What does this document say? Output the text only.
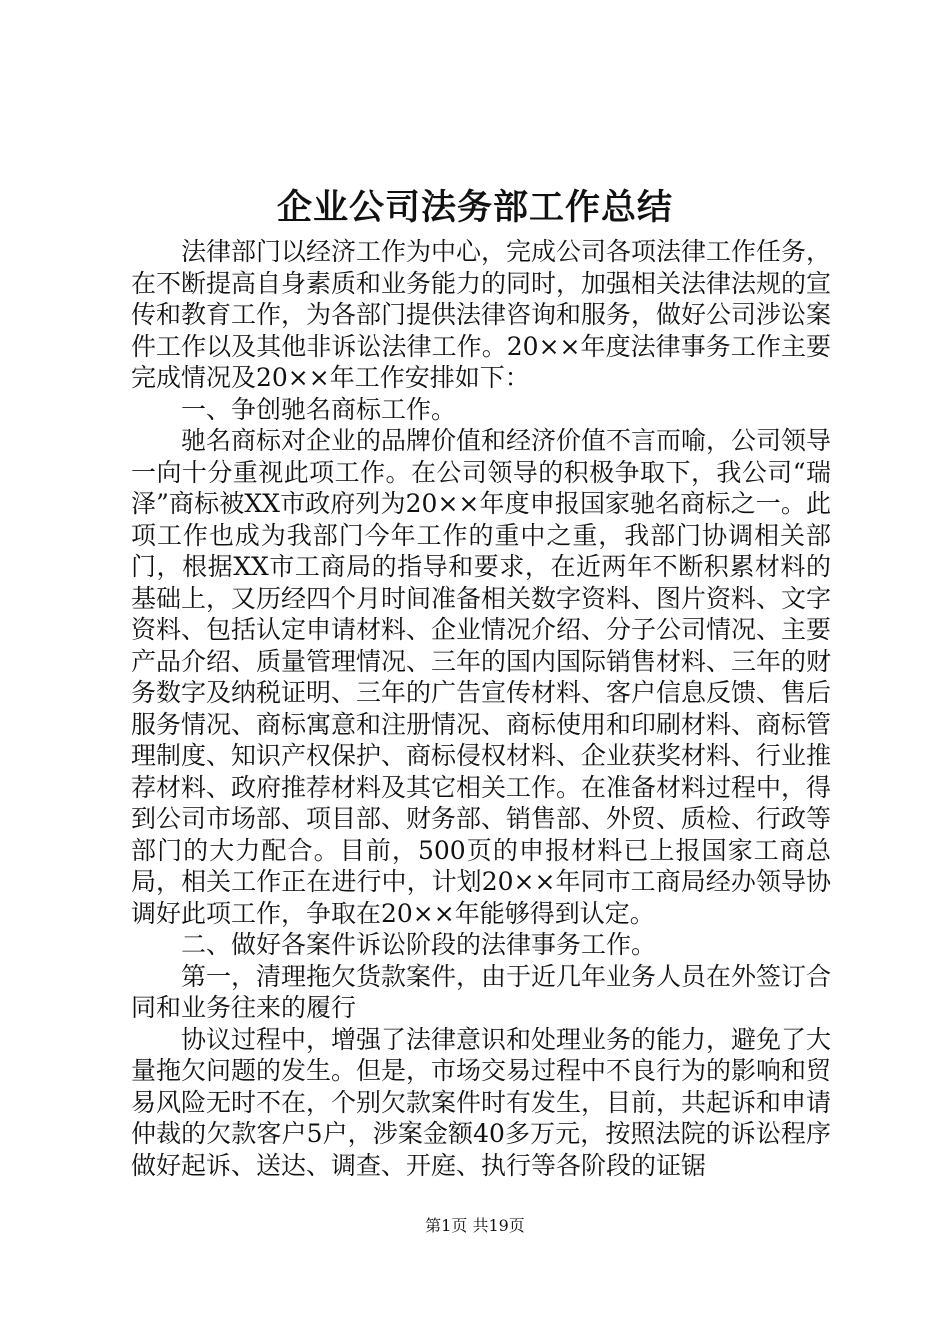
企业公司法务部工作总结

法律部门以经济工作为中心，完成公司各项法律工作任务，在不断提高自身素质和业务能力的同时，加强相关法律法规的宣传和教育工作，为各部门提供法律咨询和服务，做好公司涉讼案件工作以及其他非诉讼法律工作。20××年度法律事务工作主要完成情况及20××年工作安排如下：

一、争创驰名商标工作。

驰名商标对企业的品牌价值和经济价值不言而喻，公司领导一向十分重视此项工作。在公司领导的积极争取下，我公司“瑞泽”商标被XX市政府列为20××年度申报国家驰名商标之一。此项工作也成为我部门今年工作的重中之重，我部门协调相关部门，根据XX市工商局的指导和要求，在近两年不断积累材料的基础上，又历经四个月时间准备相关数字资料、图片资料、文字资料、包括认定申请材料、企业情况介绍、分子公司情况、主要产品介绍、质量管理情况、三年的国内国际销售材料、三年的财务数字及纳税证明、三年的广告宣传材料、客户信息反馈、售后服务情况、商标寓意和注册情况、商标使用和印刷材料、商标管理制度、知识产权保护、商标侵权材料、企业获奖材料、行业推荐材料、政府推荐材料及其它相关工作。在准备材料过程中，得到公司市场部、项目部、财务部、销售部、外贸、质检、行政等部门的大力配合。目前，500页的申报材料已上报国家工商总局，相关工作正在进行中，计划20××年同市工商局经办领导协调好此项工作，争取在20××年能够得到认定。

二、做好各案件诉讼阶段的法律事务工作。

第一，清理拖欠货款案件，由于近几年业务人员在外签订合同和业务往来的履行

协议过程中，增强了法律意识和处理业务的能力，避免了大量拖欠问题的发生。但是，市场交易过程中不良行为的影响和贸易风险无时不在，个别欠款案件时有发生，目前，共起诉和申请仲裁的欠款客户5户，涉案金额40多万元，按照法院的诉讼程序做好起诉、送达、调查、开庭、执行等各阶段的证锯

第1页 共19页
